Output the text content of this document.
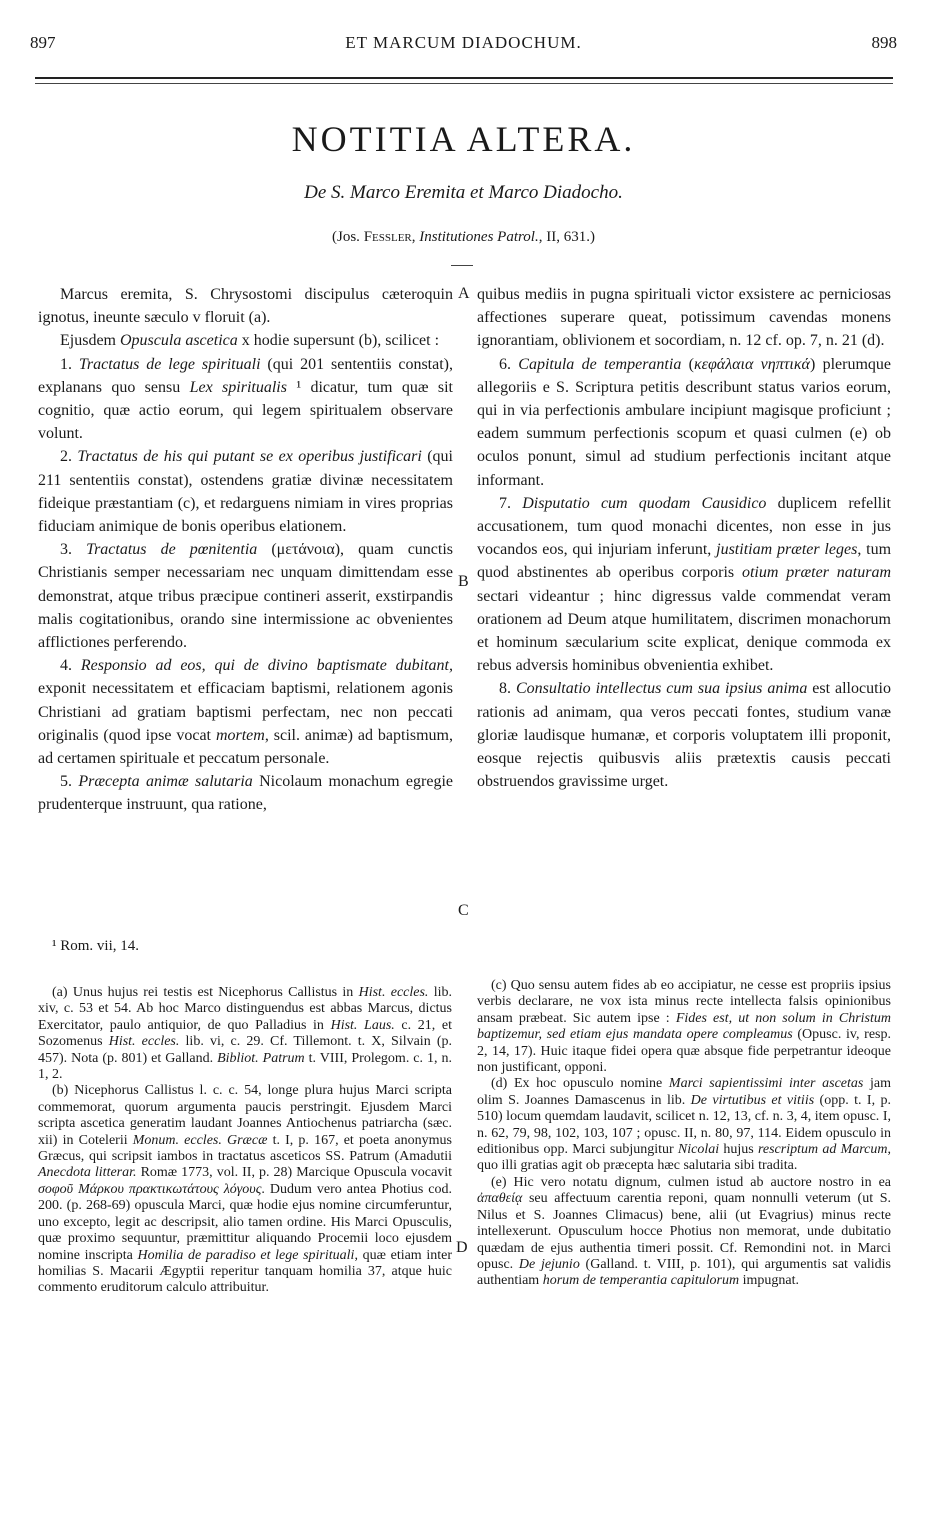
897	ET MARCUM DIADOCHUM.	898
NOTITIA ALTERA.
De S. Marco Eremita et Marco Diadocho.
(Jos. Fessler, Institutiones Patrol., II, 631.)
A
B
C
D

Marcus eremita, S. Chrysostomi discipulus cæteroquin ignotus, ineunte sæculo v floruit (a).

Ejusdem Opuscula ascetica x hodie supersunt (b), scilicet :

1. Tractatus de lege spirituali (qui 201 sententiis constat), explanans quo sensu Lex spiritualis ¹ dicatur, tum quæ sit cognitio, quæ actio eorum, qui legem spiritualem observare volunt.

2. Tractatus de his qui putant se ex operibus justificari (qui 211 sententiis constat), ostendens gratiæ divinæ necessitatem fideique præstantiam (c), et redarguens nimiam in vires proprias fiduciam animique de bonis operibus elationem.

3. Tractatus de pœnitentia (μετάνοια), quam cunctis Christianis semper necessariam nec unquam dimittendam esse demonstrat, atque tribus præcipue contineri asserit, exstirpandis malis cogitationibus, orando sine intermissione ac obvenientes afflictiones perferendo.

4. Responsio ad eos, qui de divino baptismate dubitant, exponit necessitatem et efficaciam baptismi, relationem agonis Christiani ad gratiam baptismi perfectam, nec non peccati originalis (quod ipse vocat mortem, scil. animæ) ad baptismum, ad certamen spirituale et peccatum personale.

5. Præcepta animæ salutaria Nicolaum monachum egregie prudenterque instruunt, qua ratione,

quibus mediis in pugna spirituali victor exsistere ac perniciosas affectiones superare queat, potissimum cavendas monens ignorantiam, oblivionem et socordiam, n. 12 cf. op. 7, n. 21 (d).

6. Capitula de temperantia (κεφάλαια νηπτικά) plerumque allegoriis e S. Scriptura petitis describunt status varios eorum, qui in via perfectionis ambulare incipiunt magisque proficiunt ; eadem summum perfectionis scopum et quasi culmen (e) ob oculos ponunt, simul ad studium perfectionis incitant atque informant.

7. Disputatio cum quodam Causidico duplicem refellit accusationem, tum quod monachi dicentes, non esse in jus vocandos eos, qui injuriam inferunt, justitiam præter leges, tum quod abstinentes ab operibus corporis otium præter naturam sectari videantur ; hinc digressus valde commendat veram orationem ad Deum atque humilitatem, discrimen monachorum et hominum sæcularium scite explicat, denique commoda ex rebus adversis hominibus obvenientia exhibet.

8. Consultatio intellectus cum sua ipsius anima est allocutio rationis ad animam, qua veros peccati fontes, studium vanæ gloriæ laudisque humanæ, et corporis voluptatem illi proponit, eosque rejectis quibusvis aliis prætextis causis peccati obstruendos gravissime urget.

¹ Rom. vii, 14.

(a) Unus hujus rei testis est Nicephorus Callistus in Hist. eccles. lib. xiv, c. 53 et 54. Ab hoc Marco distinguendus est abbas Marcus, dictus Exercitator, paulo antiquior, de quo Palladius in Hist. Laus. c. 21, et Sozomenus Hist. eccles. lib. vi, c. 29. Cf. Tillemont. t. X, Silvain (p. 457). Nota (p. 801) et Galland. Bibliot. Patrum t. VIII, Prolegom. c. 1, n. 1, 2.

(b) Nicephorus Callistus l. c. c. 54, longe plura hujus Marci scripta commemorat, quorum argumenta paucis perstringit. Ejusdem Marci scripta ascetica generatim laudant Joannes Antiochenus patriarcha (sæc. xii) in Cotelerii Monum. eccles. Græcæ t. I, p. 167, et poeta anonymus Græcus, qui scripsit iambos in tractatus asceticos SS. Patrum (Amadutii Anecdota litterar. Romæ 1773, vol. II, p. 28) Marcique Opuscula vocavit σοφοῦ Μάρκου πρακτικωτάτους λόγους. Dudum vero antea Photius cod. 200. (p. 268-69) opuscula Marci, quæ hodie ejus nomine circumferuntur, uno excepto, legit ac descripsit, alio tamen ordine. His Marci Opusculis, quæ proximo sequuntur, præmittitur aliquando Procemii loco ejusdem nomine inscripta Homilia de paradiso et lege spirituali, quæ etiam inter homilias S. Macarii Ægyptii reperitur tanquam homilia 37, atque huic commento eruditorum calculo attribuitur.

(c) Quo sensu autem fides ab eo accipiatur, ne cesse est propriis ipsius verbis declarare, ne vox ista minus recte intellecta falsis opinionibus ansam præbeat. Sic autem ipse : Fides est, ut non solum in Christum baptizemur, sed etiam ejus mandata opere compleamus (Opusc. iv, resp. 2, 14, 17). Huic itaque fidei opera quæ absque fide perpetrantur ideoque non justificant, opponi.

(d) Ex hoc opusculo nomine Marci sapientissimi inter ascetas jam olim S. Joannes Damascenus in lib. De virtutibus et vitiis (opp. t. I, p. 510) locum quemdam laudavit, scilicet n. 12, 13, cf. n. 3, 4, item opusc. I, n. 62, 79, 98, 102, 103, 107 ; opusc. II, n. 80, 97, 114. Eidem opusculo in editionibus opp. Marci subjungitur Nicolai hujus rescriptum ad Marcum, quo illi gratias agit ob præcepta hæc salutaria sibi tradita.

(e) Hic vero notatu dignum, culmen istud ab auctore nostro in ea ἀπαθείᾳ seu affectuum carentia reponi, quam nonnulli veterum (ut S. Nilus et S. Joannes Climacus) bene, alii (ut Evagrius) minus recte intellexerunt. Opusculum hocce Photius non memorat, unde dubitatio quædam de ejus authentia timeri possit. Cf. Remondini not. in Marci opusc. De jejunio (Galland. t. VIII, p. 101), qui argumentis sat validis authentiam horum de temperantia capitulorum impugnat.
